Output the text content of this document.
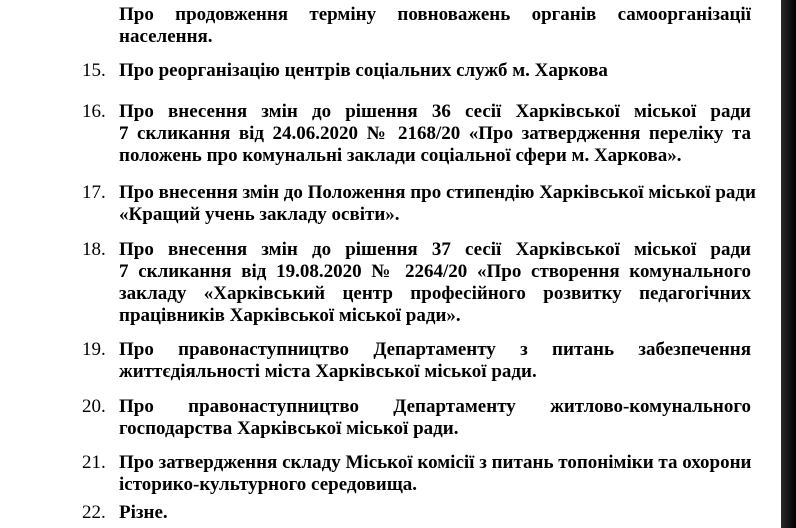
Про продовження терміну повноважень органів самоорганізації
населення.
15. Про реорганізацію центрів соціальних служб м. Харкова
16. Про внесення змін до рішення 36 сесії Харківської міської ради
7 скликання від 24.06.2020 № 2168/20 «Про затвердження переліку та
положень про комунальні заклади соціальної сфери м. Харкова».
17. Про внесення змін до Положення про стипендію Харківської міської ради
«Кращий учень закладу освіти».
18. Про внесення змін до рішення 37 сесії Харківської міської ради
7 скликання від 19.08.2020 № 2264/20 «Про створення комунального
закладу «Харківський центр професійного розвитку педагогічних
працівників Харківської міської ради».
19. Про правонаступництво Департаменту з питань забезпечення
життєдіяльності міста Харківської міської ради.
20. Про правонаступництво Департаменту житлово-комунального
господарства Харківської міської ради.
21. Про затвердження складу Міської комісії з питань топоніміки та охорони
історико-культурного середовища.
22. Різне.
